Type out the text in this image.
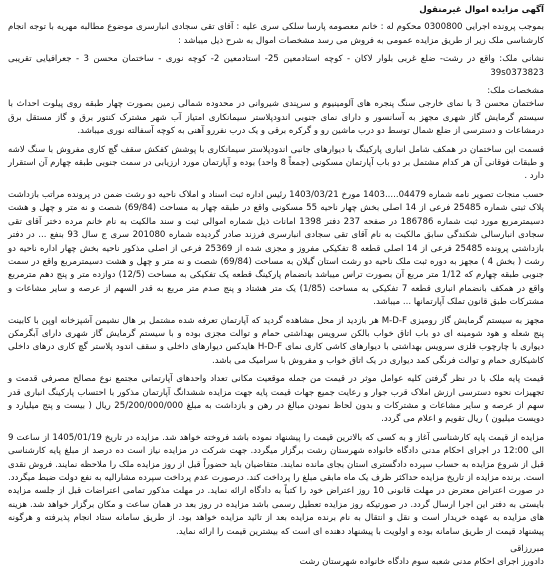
آگهی مزایده اموال غیرمنقول

بموجب پرونده اجرایی 0300800 محکوم له : خانم معصومه پارسا سلکی سری علیه : آقای تقی سجادی انبارسری موضوع مطالبه مهریه با توجه انجام کارشناسی ملک زیر از طریق مزایده عمومی به فروش می رسد مشخصات اموال به شرح ذیل میباشد :

نشانی ملک: واقع در رشت- ضلع غربی بلوار لاکان - کوچه استادمعین 25- استادمعین 2- کوچه نوری - ساختمان محسن 3 - جعرافیایی تقریبی 39s0373823

مشخصات ملک:

ساختمان محسن 3 با نمای خارجی سنگ پنجره های آلومینیوم و سرپندی شیروانی در محدوده شمالی زمین بصورت چهار طبقه روی پیلوت احداث با سیستم گرمایش گاز شهری مجهز به آسانسور و دارای نمای جنوبی اندودپلاستر سیمانکاری امتیاز آب شهر مشترک کنتور برق و گاز مستقل برق درمشاعات و دسترسی از ضلع شمال توسط دو درب ماشین رو و گرکره برقی و یک درب نفررو آهنی به کوچه آسفالته نوری میباشد.

قسمت این ساختمان در همکف شامل انباری پارکینگ با دیوارهای جانبی اندودپلاستر سیمانکاری با پوشش کفکش سقف گچ کاری مفروش با سنگ لاشه و طبقات فوقانی آن هر کدام مشتمل بر دو باب آپارتمان مسکونی (جمعاً 8 واحد) بوده و آپارتمان مورد ارزیابی در سمت جنوبی طبقه چهارم آن استقرار دارد .

حسب منجات تصویر نامه شماره 04479.....1403 مورخ 1403/03/21 رئیس اداره ثبت اسناد و املاک ناحیه دو رشت ضمن در پرونده مراتب بازداشت پلاک ثبتی شماره 25485 فرعی از 14 اصلی بخش چهار ناحیه 55 مسکونی واقع در طبقه چهار به مساحت (69/84) شصت و نه متر و چهل و هشت دسیمترمربع مورد ثبت شماره 186786 در صفحه 237 دفتر 1398 امانات ذیل شماره اموالی ثبت و سند مالکیت به نام خانم مرده دختر آقای تقی سجادی انبارسالی شکندگی سابق مالکیت به نام آقای تقی سجادی انبارسری فرزند صادر گردیده شماره 201080 سری ج سال 93 بنفع ... در دفتر بازداشتی پرونده 25485 فرعی از 14 اصلی قطعه 8 تفکیکی مفروز و مجزی شده از 25369 فرعی از اصلی مذکور ناحیه بخش چهار اداره ناحیه دو رشت ( بخش 4 ) مجهز به دوره ثبت ملک ناحیه دو رشت استان گیلان به مساحت (69/84) شصت و نه متر و چهل و هشت دسیمترمربع واقع در سمت جنوبی طبقه چهارم که 1/12 متر مربع آن بصورت تراس میباشد بانضمام پارکینگ قطعه یک تفکیکی به مساحت (12/5) دوازده متر و پنج دهم مترمربع واقع در همکف بانضمام انباری قطعه 7 تفکیکی به مساحت (1/85) یک متر هشتاد و پنج صدم متر مربع به قدر السهم از عرصه و سایر مشاعات و مشترکات طبق قانون تملک آپارتمانها ... میباشد.

مجهز به سیستم گرمایش گاز رومیزی M-D-F هر بازدید از محل مشاهده گردید که آپارتمان تعرفه شده مشتمل بر هال نشیمن آشپزخانه اوپن با کابینت پنج شعله و هود شومینه ای دو باب اتاق خواب بالکن سرویس بهداشتی حمام و توالت مجزی بوده و با سیستم گرمایش گاز شهری دارای آبگرمکن دیواری با چارچوب فلزی سرویس بهداشتی با دیوارهای کاشی کاری نمای H-D-F هایدکس دیوارهای داخلی و سقف اندود پلاستر گچ کاری درهای داخلی کاشیکاری حمام و توالت فرنگی کمد دیواری در یک اتاق خواب و مفروش با سرامیک می باشد.

قیمت پایه ملک با در نظر گرفتن کلیه عوامل موثر در قیمت من جمله موقعیت مکانی تعداد واحدهای آپارتمانی مجتمع نوع مصالح مصرفی قدمت و تجهیزات نحوه دسترسی ارزش املاک قرب جوار و رعایت جمیع جهات قیمت پایه جهت مزایده ششدانگ آپارتمان مذکور با احتساب پارکینگ انباری قدر سهم از عرصه و سایر مشاعات و مشترکات و بدون لحاظ نمودن مبالغ در رهن و بازداشت به مبلغ 25/200/000/000 ریال ( بیست و پنج میلیارد و دویست میلیون ) ریال تقویم و اعلام می گردد.

مزایده از قیمت پایه کارشناسی آغاز و به کسی که بالاترین قیمت را پیشنهاد نموده باشد فروخته خواهد شد. مزایده در تاریخ 1405/01/19 از ساعت 9 الی 12:00 در اجرای احکام مدنی دادگاه خانواده شهرستان رشت برگزار میگردد. جهت شرکت در مزایده نیاز است ده درصد از مبلغ پایه کارشناسی قبل از شروع مزایده به حساب سپرده دادگستری استان بجای مانده نمایند. متقاضیان باید حضوراً قبل از روز مزایده ملک را ملاحظه نمایند. فروش نقدی است. برنده مزایده از تاریخ مزایده حداکثر ظرف یک ماه مابقی مبلغ را پرداخت کند. درصورت عدم پرداخت سپرده مشارالیه به نفع دولت ضبط میگردد. در صورت اعتراض معترض در مهلت قانونی 10 روز اعتراض خود را کتباً به دادگاه ارائه نماید. در مهلت مذکور تمامی اعتراضات قبل از جلسه مزایده بایستی به دفتر این اجرا ارسال گردد. در صورتیکه روز مزایده تعطیل رسمی باشد مزایده در روز بعد در همان ساعت و مکان برگزار خواهد شد. هزینه های مزایده به عهده خریدار است و نقل و انتقال به نام برنده مزایده بعد از تائید مزایده خواهد بود. از طریق سامانه ستاد انجام پذیرفته و هرگونه پیشنهاد قیمت از طریق سامانه بوده و اولویت با پیشنهاد دهنده ای است که بیشترین قیمت را ارائه نماید.

مبررزاقی

دادورز اجرای احکام مدنی شعبه سوم دادگاه خانواده شهرستان رشت
